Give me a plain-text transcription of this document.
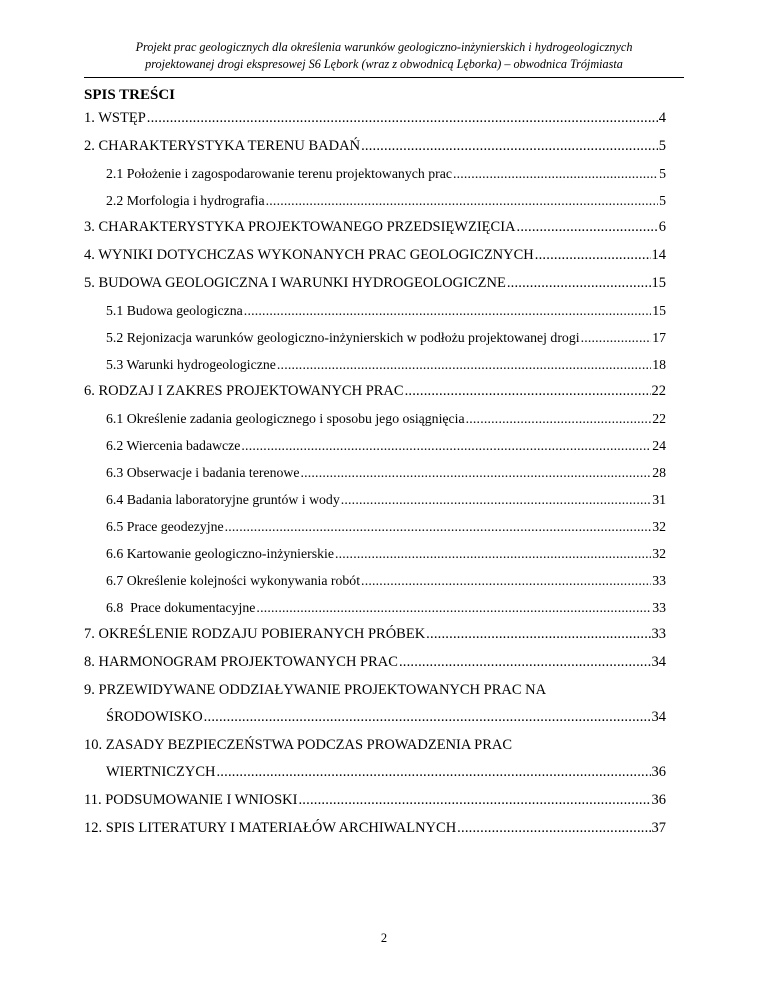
Projekt prac geologicznych dla określenia warunków geologiczno-inżynierskich i hydrogeologicznych
projektowanej drogi ekspresowej S6 Lębork (wraz z obwodnicą Lęborka) – obwodnica Trójmiasta
SPIS TREŚCI
1. WSTĘP .....	4
2. CHARAKTERYSTYKA TERENU BADAŃ .....	5
2.1 Położenie i zagospodarowanie terenu projektowanych prac .....	5
2.2 Morfologia i hydrografia .....	5
3. CHARAKTERYSTYKA PROJEKTOWANEGO PRZEDSIĘWZIĘCIA .....	6
4. WYNIKI DOTYCHCZAS WYKONANYCH PRAC GEOLOGICZNYCH .....	14
5. BUDOWA GEOLOGICZNA I WARUNKI HYDROGEOLOGICZNE .....	15
5.1 Budowa geologiczna .....	15
5.2 Rejonizacja warunków geologiczno-inżynierskich w podłożu projektowanej drogi .....	17
5.3 Warunki hydrogeologiczne .....	18
6. RODZAJ I ZAKRES PROJEKTOWANYCH PRAC .....	22
6.1 Określenie zadania geologicznego i sposobu jego osiągnięcia .....	22
6.2 Wiercenia badawcze .....	24
6.3 Obserwacje i badania terenowe .....	28
6.4 Badania laboratoryjne gruntów i wody .....	31
6.5 Prace geodezyjne .....	32
6.6 Kartowanie geologiczno-inżynierskie .....	32
6.7 Określenie kolejności wykonywania robót .....	33
6.8  Prace dokumentacyjne .....	33
7. OKREŚLENIE RODZAJU POBIERANYCH PRÓBEK .....	33
8. HARMONOGRAM PROJEKTOWANYCH PRAC .....	34
9. PRZEWIDYWANE ODDZIAŁYWANIE PROJEKTOWANYCH PRAC NA
ŚRODOWISKO .....	34
10. ZASADY BEZPIECZEŃSTWA PODCZAS PROWADZENIA PRAC
WIERTNICZYCH .....	36
11. PODSUMOWANIE I WNIOSKI .....	36
12. SPIS LITERATURY I MATERIAŁÓW ARCHIWALNYCH .....	37
2
